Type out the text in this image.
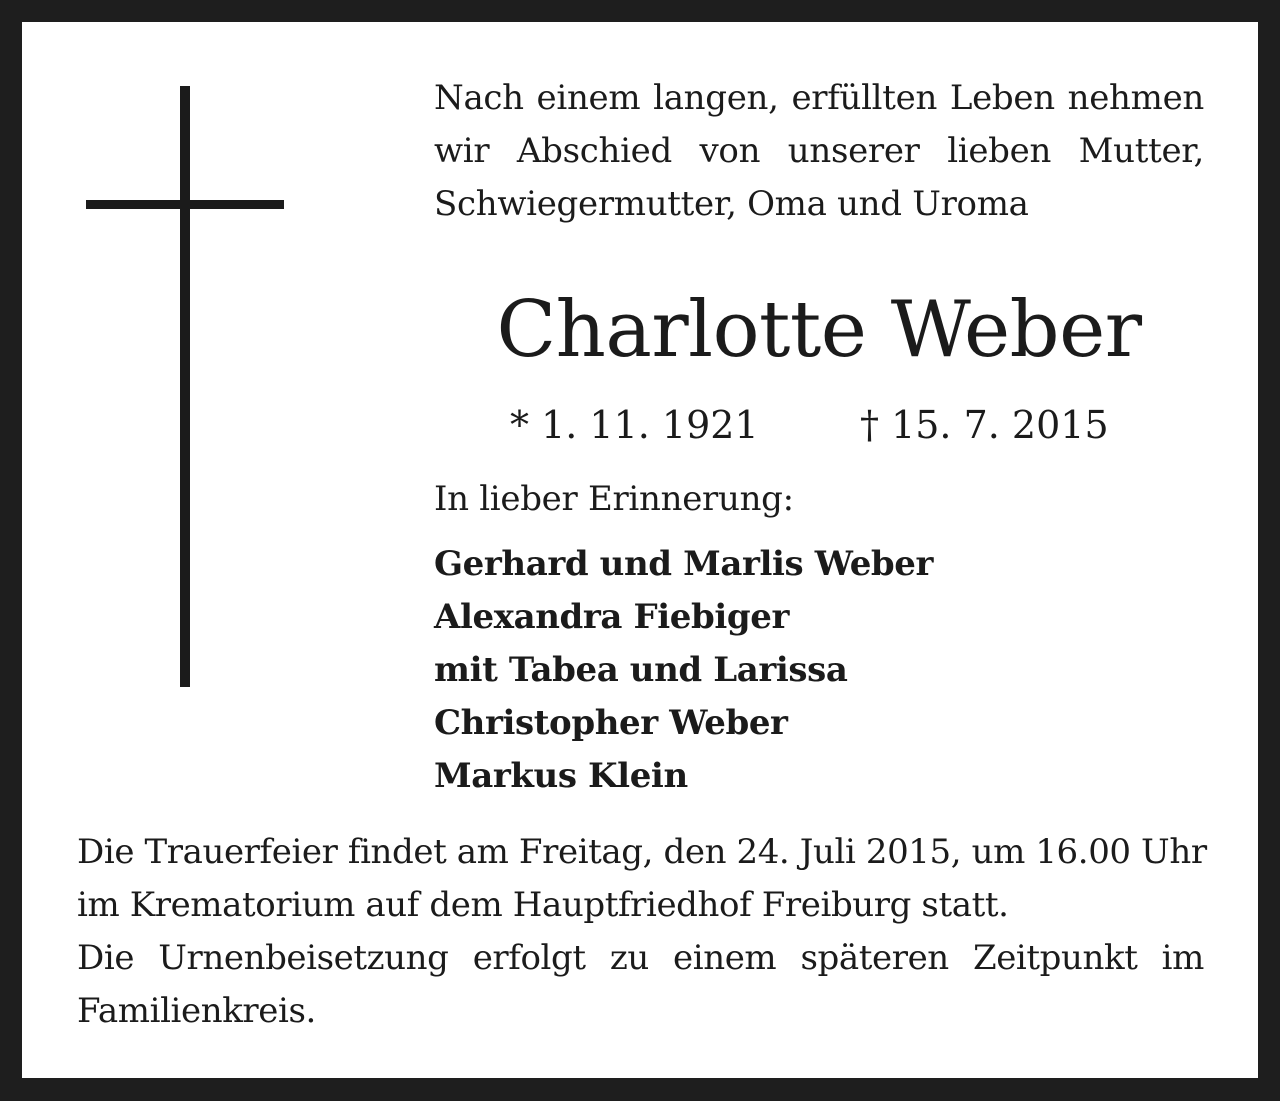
Nach einem langen, erfüllten Leben nehmen
wir Abschied von unserer lieben Mutter,
Schwiegermutter, Oma und Uroma
Charlotte Weber
* 1. 11. 1921	† 15. 7. 2015
In lieber Erinnerung:
Gerhard und Marlis Weber
Alexandra Fiebiger
mit Tabea und Larissa
Christopher Weber
Markus Klein
Die Trauerfeier findet am Freitag, den 24. Juli 2015, um 16.00 Uhr
im Krematorium auf dem Hauptfriedhof Freiburg statt.
Die Urnenbeisetzung erfolgt zu einem späteren Zeitpunkt im
Familienkreis.
